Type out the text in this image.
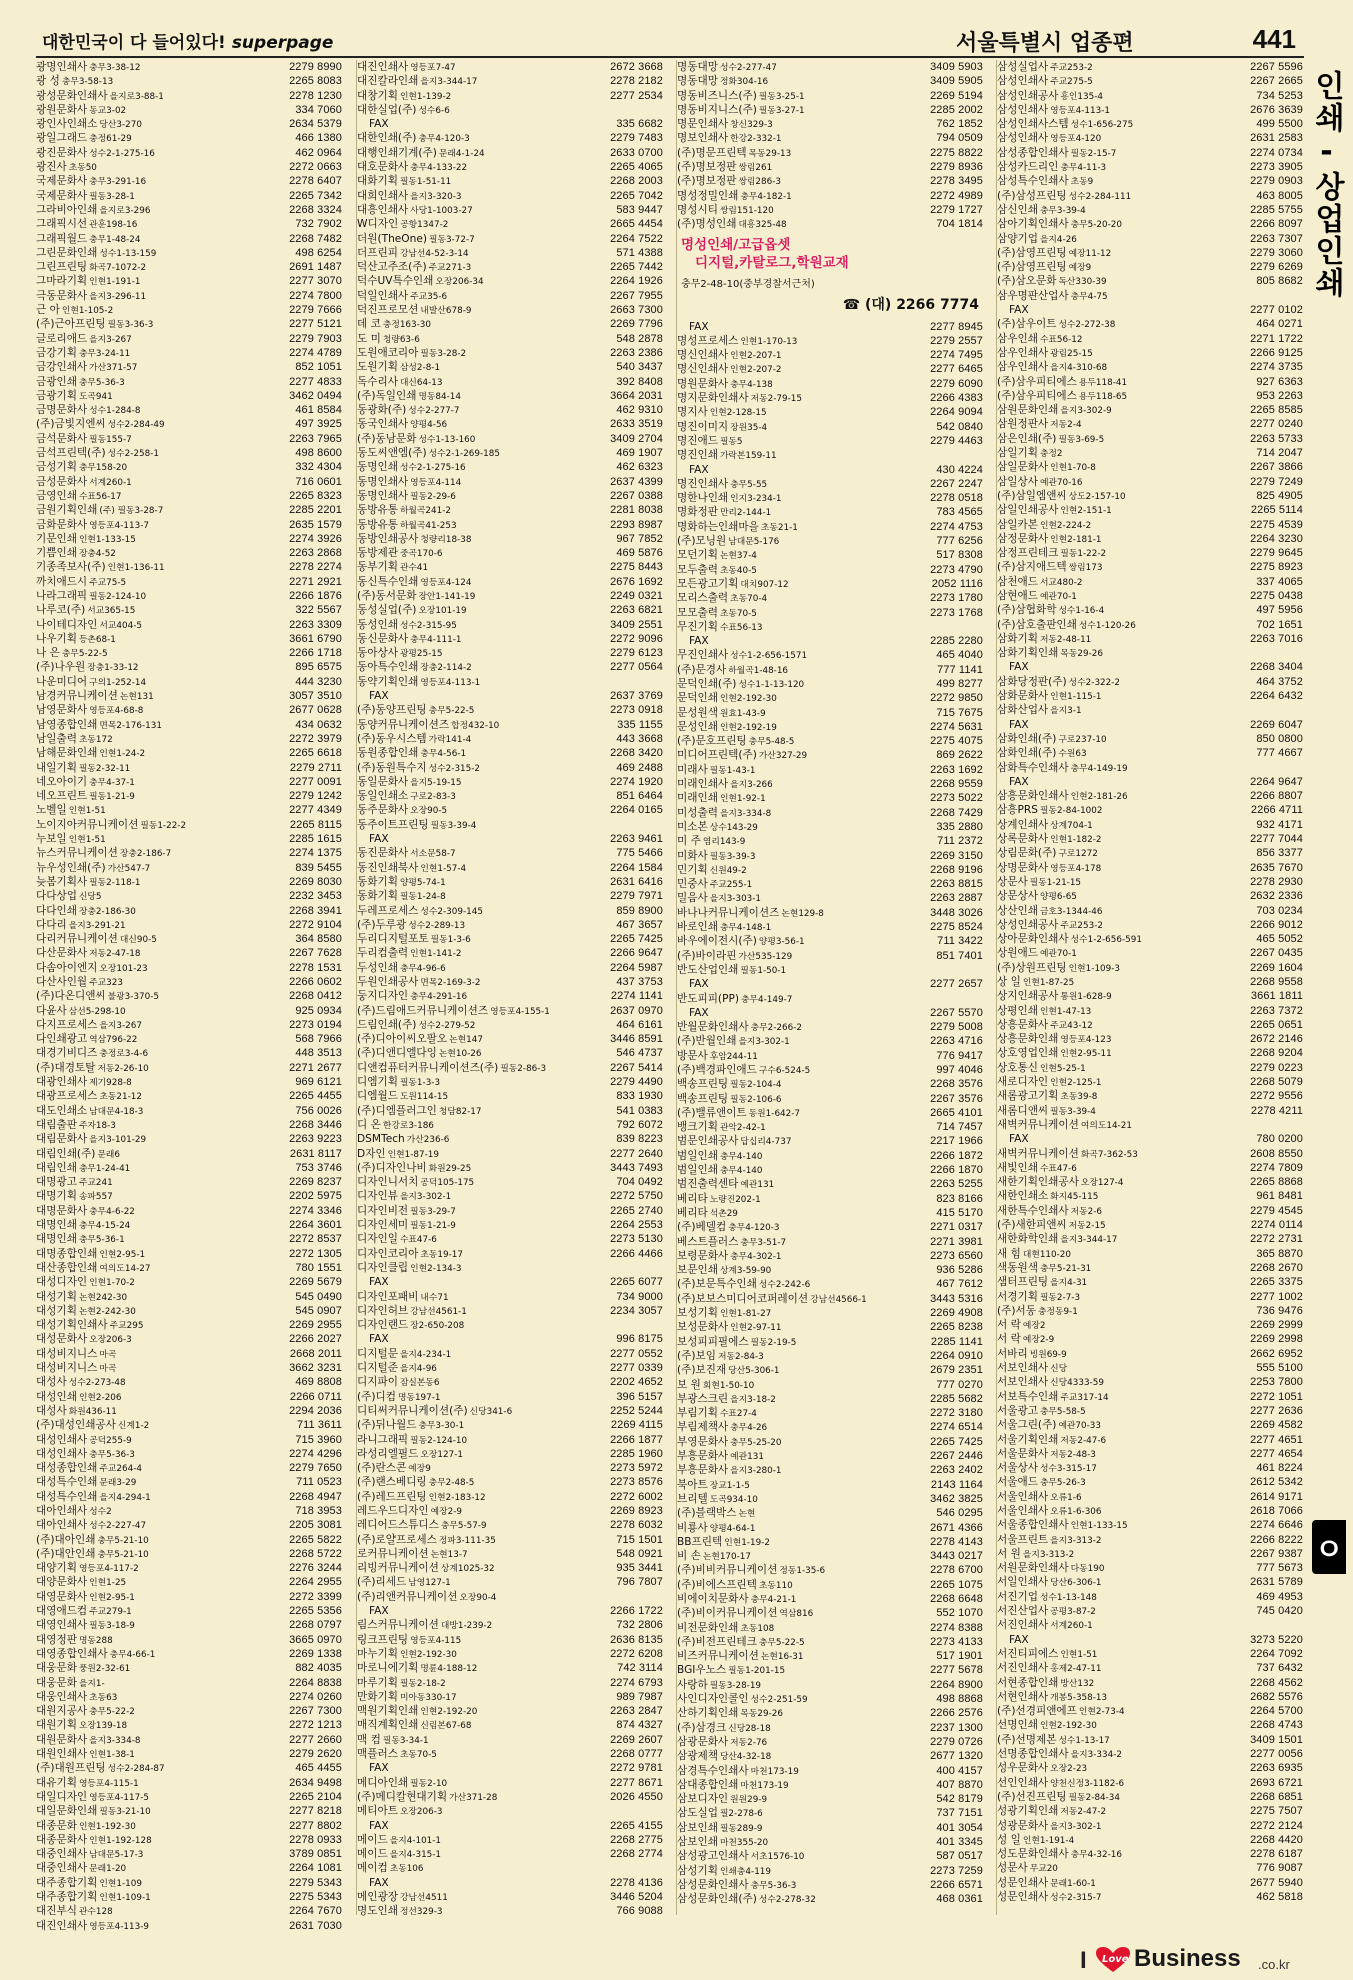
대한민국이 다 들어있다! superpage	서울특별시 업종편	441
광명인쇄사 충무3-38-12	2279 8990
광 성 충무3-58-13	2265 8083
광성문화인쇄사 을지로3-88-1	2278 1230
광원문화사 동교3-02	334 7060
광인사인쇄소 당산3-270	2634 5379
광일그래드 충정61-29	466 1380
광진문화사 성수2-1-275-16	462 0964
광진사 초동50	2272 0663
국제문화사 충무3-291-16	2278 6407
국제문화사 필동3-28-1	2265 7342
그라비아인쇄 을지로3-296	2268 3324
그래픽시선 관훈198-16	732 7902
그래픽월드 충무1-48-24	2268 7482
그린문화인쇄 성수1-13-159	498 6254
그린프린팅 화곡7-1072-2	2691 1487
그마라기획 인현1-191-1	2277 3070
극동문화사 을지3-296-11	2274 7800
근 아 인현1-105-2	2279 7666
(주)근아프린팅 필동3-36-3	2277 5121
글로리애드 을지3-267	2279 7903
금강기획 충무3-24-11	2274 4789
금강인쇄사 가산371-57	852 1051
금광인쇄 충무5-36-3	2277 4833
금광기획 도곡941	3462 0494
금명문화사 성수1-284-8	461 8584
(주)금빛지엔씨 성수2-284-49	497 3925
금석문화사 필동155-7	2263 7965
금석프린텍(주) 성수2-258-1	498 8600
금성기획 충무158-20	332 4304
금성문화사 서계260-1	716 0601
금영인쇄 수표56-17	2265 8323
금원기획인쇄 (주) 필동3-28-7	2285 2201
금화문화사 영등포4-113-7	2635 1579
기문인쇄 인현1-133-15	2274 3926
기쁨인쇄 장충4-52	2263 2868
기종족보사(주) 인현1-136-11	2278 2274
까치애드시 주교75-5	2271 2921
나라그래픽 필동2-124-10	2266 1876
나루코(주) 서교365-15	322 5567
나이테디자인 서교404-5	2263 3309
나우기획 등촌68-1	3661 6790
나 은 충무5-22-5	2266 1718
(주)나우원 장충1-33-12	895 6575
나운미디어 구의1-252-14	444 3230
남경커뮤니케이션 논현131	3057 3510
남영문화사 영등포4-68-8	2677 0628
남영종합인쇄 면목2-176-131	434 0632
남일출력 초동172	2272 3979
남해문화인쇄 인현1-24-2	2265 6618
내일기획 필동2-32-11	2279 2711
네오아이기 충무4-37-1	2277 0091
네오프린트 필동1-21-9	2279 1242
노벨일 인현1-51	2277 4349
노이지아커뮤니케이션 필동1-22-2	2265 8115
누보일 인현1-51	2285 1615
뉴스커뮤니케이션 장충2-186-7	2274 1375
뉴우성인쇄(주) 가산547-7	839 5455
늦봄기획사 필동2-118-1	2269 8030
다다상업 신당5	2232 3453
다다인쇄 장충2-186-30	2268 3941
다다리 을지3-291-21	2272 9104
다리커뮤니케이션 대신90-5	364 8580
다산문화사 저동2-47-18	2267 7628
다솜아이엔지 오장101-23	2278 1531
다산사인월 주교323	2266 0602
(주)다온디앤씨 불광3-370-5	2268 0412
다윤사 삼선5-298-10	925 0934
다지프로세스 을지3-267	2273 0194
다인쇄광고 역삼796-22	568 7966
대경기비디즈 충정로3-4-6	448 3513
(주)대경토탈 저동2-26-10	2271 2677
대광인쇄사 제기928-8	969 6121
대광프로세스 초동21-12	2265 4455
대도인쇄소 남대문4-18-3	756 0026
대림출판 주자18-3	2268 3446
대림문화사 을지3-101-29	2263 9223
대림인쇄(주) 문래6	2631 8117
대림인쇄 충무1-24-41	753 3746
대명광고 주교241	2269 8237
대명기획 송파557	2202 5975
대명문화사 충무4-6-22	2274 3346
대명인쇄 충무4-15-24	2264 3601
대명인쇄 충무5-36-1	2272 8537
대명종합인쇄 인현2-95-1	2272 1305
대산종합인쇄 여의도14-27	780 1551
대성디자인 인현1-70-2	2269 5679
대성기획 논현242-30	545 0490
대성기획 논현2-242-30	545 0907
대성기획인쇄사 주교295	2269 2955
대성문화사 오장206-3	2266 2027
대성비지니스 마곡	2668 2011
대성비지니스 마곡	3662 3231
대성사 성수2-273-48	469 8808
대성인쇄 인현2-206	2266 0711
대성사 화원436-11	2294 2036
(주)대성인쇄공사 신계1-2	711 3611
대성인쇄사 공덕255-9	715 3960
대성인쇄사 충무5-36-3	2274 4296
대성종합인쇄 주교264-4	2279 7650
대성특수인쇄 문래3-29	711 0523
대성특수인쇄 을지4-294-1	2268 4947
대아인쇄사 성수2	718 3953
대아인쇄사 성수2-227-47	2205 3081
(주)대아인쇄 충무5-21-10	2265 5822
(주)대안인쇄 충무5-21-10	2268 5722
대양기획 영등포4-117-2	2276 3244
대양문화사 인현1-25	2264 2955
대영문화사 인현2-95-1	2272 3399
대영애드컴 주교279-1	2265 5356
대영인쇄사 필동3-18-9	2268 0797
대영정판 명동288	3665 0970
대영종합인쇄사 충무4-66-1	2269 1338
대웅문화 풍원2-32-61	882 4035
대웅문화 을지1-	2264 8838
대웅인쇄사 초동63	2274 0260
대원지공사 충무5-22-2	2267 7300
대원기획 오장139-18	2272 1213
대원문화사 을지3-334-8	2277 2660
대원인쇄사 인현1-38-1	2279 2620
(주)대원프린팅 성수2-284-87	465 4455
대유기획 영등포4-115-1	2634 9498
대일디자인 영등포4-117-5	2265 2104
대일문화인쇄 필동3-21-10	2277 8218
대종문화 인현1-192-30	2277 8802
대종문화사 인현1-192-128	2278 0933
대중인쇄사 남대문5-17-3	3789 0851
대중인쇄사 문래1-20	2264 1081
대주종합기획 인현1-109	2279 5343
대주종합기획 인현1-109-1	2275 5343
대진부식 관수128	2264 7670
대진인쇄사 영등포4-113-9	2631 7030
대진인쇄사 영등포7-47	2672 3668
대진칼라인쇄 을지3-344-17	2278 2182
대창기획 인현1-139-2	2277 2534
대한실업(주) 성수6-6
FAX	335 6682
대한인쇄(주) 충무4-120-3	2279 7483
대행인쇄기계(주) 문래4-1-24	2633 0700
대호문화사 충무4-133-22	2265 4065
대화기획 필동1-51-11	2268 2003
대희인쇄사 을지3-320-3	2265 7042
대흥인쇄사 사당1-1003-27	583 9447
W디자인 공항1347-2	2665 4454
더원(TheOne) 필동3-72-7	2264 7522
더프린피 강남선4-52-3-14	571 4388
덕산고주조(주) 주교271-3	2265 7442
덕수UV특수인쇄 오장206-34	2264 1926
덕일인쇄사 주교35-6	2267 7955
덕진프로모션 내발산678-9	2663 7300
데 코 충정163-30	2269 7796
도 미 청량63-6	548 2878
도원애코리아 필동3-28-2	2263 2386
도원기획 삼성2-8-1	540 3437
독수리사 대신64-13	392 8408
(주)독일인쇄 명동84-14	3664 2031
동광화(주) 성수2-277-7	462 9310
동국인쇄사 양평4-56	2633 3519
(주)동남문화 성수1-13-160	3409 2704
동도씨앤엠(주) 성수2-1-269-185	469 1907
동명인쇄 성수2-1-275-16	462 6323
동명인쇄사 영등포4-114	2637 4399
동명인쇄사 필동2-29-6	2267 0388
동방유통 하월곡241-2	2281 8038
동방유통 하월곡41-253	2293 8987
동방인쇄공사 청량리18-38	967 7852
동방제관 중곡170-6	469 5876
동부기획 관수41	2275 8443
동신특수인쇄 영등포4-124	2676 1692
(주)동서문화 장안1-141-19	2249 0321
동성실업(주) 오장101-19	2263 6821
동성인쇄 성수2-315-95	3409 2551
동신문화사 충무4-111-1	2272 9096
동아상사 광평25-15	2279 6123
동아특수인쇄 장충2-114-2	2277 0564
동약기획인쇄 영등포4-113-1
FAX	2637 3769
(주)동양프린팅 충무5-22-5	2273 0918
동양커뮤니케이션즈 합정432-10	335 1155
(주)동우시스템 가락141-4	443 3668
동원종합인쇄 충무4-56-1	2268 3420
(주)동원특수지 성수2-315-2	469 2488
동일문화사 을지5-19-15	2274 1920
동일인쇄소 구로2-83-3	851 6464
동주문화사 오장90-5	2264 0165
동주이트프린팅 필동3-39-4
FAX	2263 9461
동진문화사 서소문58-7	775 5466
동진인쇄북사 인현1-57-4	2264 1584
동화기획 양평5-74-1	2631 6416
동화기획 필동1-24-8	2279 7971
두레프로세스 성수2-309-145	859 8900
(주)두루광 성수2-289-13	467 3657
두리디지털포토 필동1-3-6	2265 7425
두리컴출력 인현1-141-2	2266 9647
두성인쇄 충무4-96-6	2264 5987
두원인쇄공사 면목2-169-3-2	437 3753
둥지디자인 충무4-291-16	2274 1141
(주)드림애드커뮤니케이션즈 영등포4-155-1	2637 0970
드림인쇄(주) 성수2-279-52	464 6161
(주)디아이씨오팔오 논현147	3446 8591
(주)디앤디엘다잉 논현10-26	546 4737
디앤컴퓨터커뮤니케이션즈(주) 필동2-86-3	2267 5414
디엠기획 필동1-3-3	2279 4490
디엠월드 도원114-15	833 1930
(주)디엠플러그인 청담82-17	541 0383
디 온 한강로3-186	792 6072
DSMTech 가산236-6	839 8223
D자인 인현1-87-19	2277 2640
(주)디자인나비 화원29-25	3443 7493
디자인니서치 공덕105-175	704 0492
디자인뷰 을지3-302-1	2272 5750
디자인비전 필동3-29-7	2265 2740
디자인세미 필동1-21-9	2264 2553
디자인일 수표47-6	2273 5130
디자인코리아 초동19-17	2266 4466
디자인클립 인현2-134-3
FAX	2265 6077
디자인포패비 내수71	734 9000
디자인허브 강남선4561-1	2234 3057
디자인랜드 장2-650-208
FAX	996 8175
디지털문 을지4-234-1	2277 0552
디지털준 을지4-96	2277 0339
디지파이 잠실본동6	2202 4652
(주)디컴 명동197-1	396 5157
디티써커뮤니케이션(주) 신당341-6	2252 5244
(주)뒤나월드 충무3-30-1	2269 4115
라니그래픽 필동2-124-10	2266 1877
라성리엘필드 오장127-1	2285 1960
(주)란스콘 예장9	2273 5972
(주)랜스베디링 충무2-48-5	2273 8576
(주)레드프린팅 인현2-183-12	2272 6002
레드우드디자인 예장2-9	2269 8923
레디어드스튜디스 충무5-57-9	2278 6032
(주)로얄프로세스 정파3-111-35	715 1501
로커뮤니케이션 논현13-7	548 0921
리빙커뮤니케이션 상계1025-32	935 3441
(주)리세드 남영127-1	796 7807
(주)리앤커뮤니케이션 오장90-4
FAX	2266 1722
림스커뮤니케이션 대방1-239-2	732 2806
링크프린팅 영등포4-115	2636 8135
마누기획 인현2-192-30	2272 6208
마로니에기획 명륜4-188-12	742 3114
마루기획 필동2-18-2	2274 6793
만화기획 미아동330-17	989 7987
맥원기획인쇄 인현2-192-20	2263 2847
매직계획인쇄 신림본67-68	874 4327
맥 컴 필동3-34-1	2269 2607
맥플러스 초동70-5	2268 0777
FAX	2272 9781
메디아인쇄 필동2-10	2277 8671
(주)메디칼현대기획 가산371-28	2026 4550
메티아트 오장206-3
FAX	2265 4155
메이드 을지4-101-1	2268 2775
메이드 을지4-315-1	2268 2774
메이컴 초동106
FAX	2278 4136
메인광장 강남선4511	3446 5204
명도인쇄 정선329-3	766 9088
명동대망 성수2-277-47	3409 5903
명동대망 정화304-16	3409 5905
명동비즈니스(주) 필동3-25-1	2269 5194
명동비지니스(주) 필동3-27-1	2285 2002
명문인쇄사 창신329-3	762 1852
명보인쇄사 한강2-332-1	794 0509
(주)명문프린텍 목동29-13	2275 8822
(주)명보정판 쌍림261	2279 8936
(주)명보정판 쌍림286-3	2278 3495
명성정밀인쇄 충무4-182-1	2272 4989
명성시티 쌍림151-120	2279 1727
(주)명성인쇄 대흥325-48	704 1814
명성인쇄/고급옵셋
디지털,카탈로그,학원교재
충무2-48-10(중부경찰서근처)
☎ (대) 2266 7774
FAX	2277 8945
명성프로세스 인현1-170-13	2279 2557
명신인쇄사 인현2-207-1	2274 7495
명신인쇄사 인현2-207-2	2277 6465
명원문화사 충무4-138	2279 6090
명지문화인쇄사 저동2-79-15	2266 4383
명지사 인현2-128-15	2264 9094
명진이미지 장원35-4	542 0840
명진애드 필동5	2279 4463
명진인쇄 가락본159-11
FAX	430 4224
명진인쇄사 충무5-55	2267 2247
명한나인쇄 인지3-234-1	2278 0518
명화정판 만리2-144-1	783 4565
명화하는인쇄마을 초동21-1	2274 4753
(주)모닝원 남대문5-176	777 6256
모던기획 논현37-4	517 8308
모두출력 초동40-5	2273 4790
모든광고기획 대치907-12	2052 1116
모리스출력 초동70-4	2273 1780
모모출력 초동70-5	2273 1768
무진기획 수표56-13
FAX	2285 2280
무진인쇄사 성수1-2-656-1571	465 4040
(주)문경사 하월곡1-48-16	777 1141
문덕인쇄(주) 성수1-1-13-120	499 8277
문덕인쇄 인현2-192-30	2272 9850
문성원색 원효1-43-9	715 7675
문성인쇄 인현2-192-19	2274 5631
(주)문호프린팅 충무5-48-5	2275 4075
미디어프린텍(주) 가산327-29	869 2622
미래사 필동1-43-1	2263 1692
미래인쇄사 을지3-266	2268 9559
미래인쇄 인현1-92-1	2273 5022
미성출력 을지3-334-8	2268 7429
미소본 상수143-29	335 2880
미 주 염리143-9	711 2372
미화사 필동3-39-3	2269 3150
민기획 신원49-2	2268 9196
민중사 주교255-1	2263 8815
밀음사 을지3-303-1	2263 2887
바나나커뮤니케이션즈 논현129-8	3448 3026
바로인쇄 충무4-148-1	2275 8524
바우에이전시(주) 양평3-56-1	711 3422
(주)바이라핀 가산535-129	851 7401
반도산업인쇄 필동1-50-1
FAX	2277 2657
반도피피(PP) 충무4-149-7
FAX	2267 5570
반월문화인쇄사 충무2-266-2	2279 5008
(주)반월인쇄 을지3-302-1	2263 4716
방문사 후암244-11	776 9417
(주)백경파인애드 구수6-524-5	997 4046
백송프린팅 필동2-104-4	2268 3576
백송프린팅 필동2-106-6	2267 3576
(주)밸류앤이트 동원1-642-7	2665 4101
뱅크기획 관악2-42-1	714 7457
범문인쇄공사 답십리4-737	2217 1966
범일인쇄 충무4-140	2266 1872
범일인쇄 충무4-140	2266 1870
범진출력센타 예관131	2263 5255
베리타 노량진202-1	823 8166
베리타 석촌29	415 5170
(주)베델컴 충무4-120-3	2271 0317
베스트플러스 충무3-51-7	2271 3981
보령문화사 충무4-302-1	2273 6560
보문인쇄 상계3-59-90	936 5286
(주)보문특수인쇄 성수2-242-6	467 7612
(주)보보스미디어코퍼레이션 강남선4566-1	3443 5316
보성기획 인현1-81-27	2269 4908
보성문화사 인현2-97-11	2265 8238
보성피피필에스 필동2-19-5	2285 1141
(주)보임 저동2-84-3	2264 0910
(주)보진재 당산5-306-1	2679 2351
보 원 회현1-50-10	777 0270
부광스크린 을지3-18-2	2285 5682
부림기획 수표27-4	2272 3180
부림제책사 충무4-26	2274 6514
부영문화사 충무5-25-20	2265 7425
부흥문화사 예관131	2267 2446
부흥문화사 을지3-280-1	2263 2402
북아트 장교1-1-5	2143 1164
브리텔 도곡934-10	3462 3825
(주)블랙박스 논현	546 0295
비룡사 양평4-64-1	2671 4366
BB프린텍 인현1-19-2	2278 4143
비 손 논현170-17	3443 0217
(주)비비커뮤니케이션 정동1-35-6	2278 6700
(주)비에스프린텍 초동110	2265 1075
비에이치문화사 충무4-21-1	2268 6648
(주)비이커뮤니케이션 역삼816	552 1070
비전문화인쇄 초동108	2274 8388
(주)비전프린테크 충무5-22-5	2273 4133
비즈커뮤니케이션 논현16-31	517 1901
BGI우노스 필동1-201-15	2277 5678
사랑하 필동3-28-19	2264 8900
사인디자인콜인 성수2-251-59	498 8868
산하기획인쇄 목동29-26	2266 2576
(주)삼경크 신당28-18	2237 1300
삼광문화사 저동2-76	2279 0726
삼광제책 당산4-32-18	2677 1320
삼경특수인쇄사 마천173-19	400 4157
삼대종합인쇄 마천173-19	407 8870
삼보디자인 원원29-9	542 8179
삼도실업 필2-278-6	737 7151
삼보인쇄 필동289-9	401 3054
삼보인쇄 마천355-20	401 3345
삼성광고인쇄사 서초1576-10	587 0517
삼성기획 인쇄충4-119	2273 7259
삼성문화인쇄사 충무5-36-3	2266 6571
삼성문화인쇄(주) 성수2-278-32	468 0361
삼성실업사 주교253-2	2267 5596
삼성인쇄사 주교275-5	2267 2665
삼성인쇄공사 흥인135-4	734 5253
삼성인쇄사 영등포4-113-1	2676 3639
삼성인쇄사스템 성수1-656-275	499 5500
삼성인쇄사 영등포4-120	2631 2583
삼성종합인쇄사 필동2-15-7	2274 0734
삼성카드리인 충무4-11-3	2273 3905
삼성특수인쇄사 초동9	2279 0903
(주)삼성프린팅 성수2-284-111	463 8005
삼신인쇄 충무3-39-4	2285 5755
삼아기획인쇄사 충무5-20-20	2266 8097
삼양기업 을지4-26	2263 7307
(주)삼영프린팅 예장11-12	2279 3060
(주)삼영프린팅 예장9	2279 6269
(주)삼오문화 독산330-39	805 8682
삼우명판산업사 충무4-75
FAX	2277 0102
(주)삼우이트 성수2-272-38	464 0271
삼우인쇄 수표56-12	2271 1722
삼우인쇄사 광림25-15	2266 9125
삼우인쇄사 을지4-310-68	2274 3735
(주)삼우피티에스 용두118-41	927 6363
(주)삼우피티에스 용두118-65	953 2263
삼원문화인쇄 을지3-302-9	2265 8585
삼원정판사 저동2-4	2277 0240
삼은인쇄(주) 필동3-69-5	2263 5733
삼일기획 충정2	714 2047
삼일문화사 인현1-70-8	2267 3866
삼일상사 예관70-16	2279 7249
(주)삼일엠앤씨 상도2-157-10	825 4905
삼일인쇄공사 인현2-151-1	2265 5114
삼일카본 인현2-224-2	2275 4539
삼정문화사 인현2-181-1	2264 3230
삼정프린테크 필동1-22-2	2279 9645
(주)삼지애드텍 쌍림173	2275 8923
삼천애드 서교480-2	337 4065
삼현애드 예관70-1	2275 0438
(주)삼협화학 성수1-16-4	497 5956
(주)삼호출판인쇄 성수1-120-26	702 1651
삼화기획 저동2-48-11	2263 7016
삼화기획인쇄 목동29-26
FAX	2268 3404
삼화당정판(주) 성수2-322-2	464 3752
삼화문화사 인현1-115-1	2264 6432
삼화산업사 을지3-1
FAX	2269 6047
삼화인쇄(주) 구로237-10	850 0800
삼화인쇄(주) 수원63	777 4667
삼화특수인쇄사 충무4-149-19
FAX	2264 9647
삼흥문화인쇄사 인현2-181-26	2266 8807
삼흥PRS 필동2-84-1002	2266 4711
상계인쇄사 상계704-1	932 4171
상록문화사 인현1-182-2	2277 7044
상림문화(주) 구로1272	856 3377
상명문화사 영등포4-178	2635 7670
상문사 필동1-21-15	2278 2930
상문상사 양평6-65	2632 2336
상산인쇄 금호3-1344-46	703 0234
상성인쇄공사 주교253-2	2266 9012
상아문화인쇄사 성수1-2-656-591	465 5052
상원애드 예관70-1	2267 0435
(주)상원프린팅 인현1-109-3	2269 1604
상 일 인현1-87-25	2268 9558
상지인쇄공사 통원1-628-9	3661 1811
상평인쇄 인현1-47-13	2263 7372
상흥문화사 주교43-12	2265 0651
상흥문화인쇄 영등포4-123	2672 2146
상호영업인쇄 인현2-95-11	2268 9204
상호통신 인현5-25-1	2279 0223
새로디자인 인현2-125-1	2268 5079
새롬광고기획 초동39-8	2272 9556
새롬디앤씨 필동3-39-4	2278 4211
새벽커뮤니케이션 여의도14-21
FAX	780 0200
새벽커뮤니케이션 화곡7-362-53	2608 8550
새빛인쇄 수표47-6	2274 7809
새한기획인쇄공사 오장127-4	2265 8868
새한인쇄소 화지45-115	961 8481
새한특수인쇄사 저동2-6	2279 4545
(주)새한피앤씨 저동2-15	2274 0114
새한화학인쇄 을지3-344-17	2272 2731
새 힘 대현110-20	365 8870
색동원색 충무5-21-31	2268 2670
샘터프린팅 을지4-31	2265 3375
서경기획 필동2-7-3	2277 1002
(주)서동 충정동9-1	736 9476
서 락 예장2	2269 2999
서 락 예장2-9	2269 2998
서바리 빙원69-9	2662 6952
서보인쇄사 신당	555 5100
서보인쇄사 신당4333-59	2253 7800
서보특수인쇄 주교317-14	2272 1051
서울광고 충무5-58-5	2277 2636
서울그린(주) 예관70-33	2269 4582
서울기획인쇄 저동2-47-6	2277 4651
서울문화사 저동2-48-3	2277 4654
서울상사 성수3-315-17	461 8224
서울애드 충무5-26-3	2612 5342
서울인쇄사 오류1-6	2614 9171
서울인쇄사 오류1-6-306	2618 7066
서울종합인쇄사 인현1-133-15	2274 6646
서울프린트 을지3-313-2	2266 8222
서 원 을지3-313-2	2267 9387
서원문화인쇄사 다동190	777 5673
서일인쇄사 당산6-306-1	2631 5789
서진기업 성수1-13-148	469 4953
서진산업사 공평3-87-2	745 0420
서진인쇄사 서계260-1
FAX	3273 5220
서진티피에스 인현1-51	2264 7092
서진인쇄사 홍제2-47-11	737 6432
서현종합인쇄 방산132	2268 4562
서현인쇄사 개봉5-358-13	2682 5576
(주)선경피앤에프 인현2-73-4	2264 5700
선명인쇄 인현2-192-30	2268 4743
(주)선명제본 성수1-13-17	3409 1501
선명종합인쇄사 을지3-334-2	2277 0056
성우문화사 오장2-23	2263 6935
선인인쇄사 양천신정3-1182-6	2693 6721
(주)선진프린팅 필동2-84-34	2268 6851
성광기획인쇄 저동2-47-2	2275 7507
성광문화사 을지3-302-1	2272 2124
성 일 인현1-191-4	2268 4420
성도문화인쇄사 충무4-32-16	2278 6187
성문사 무교20	776 9087
성문인쇄사 문래1-60-1	2677 5940
성문인쇄사 성수2-315-7	462 5818
인쇄-상업인쇄
ㅇ
I Love Business .co.kr
